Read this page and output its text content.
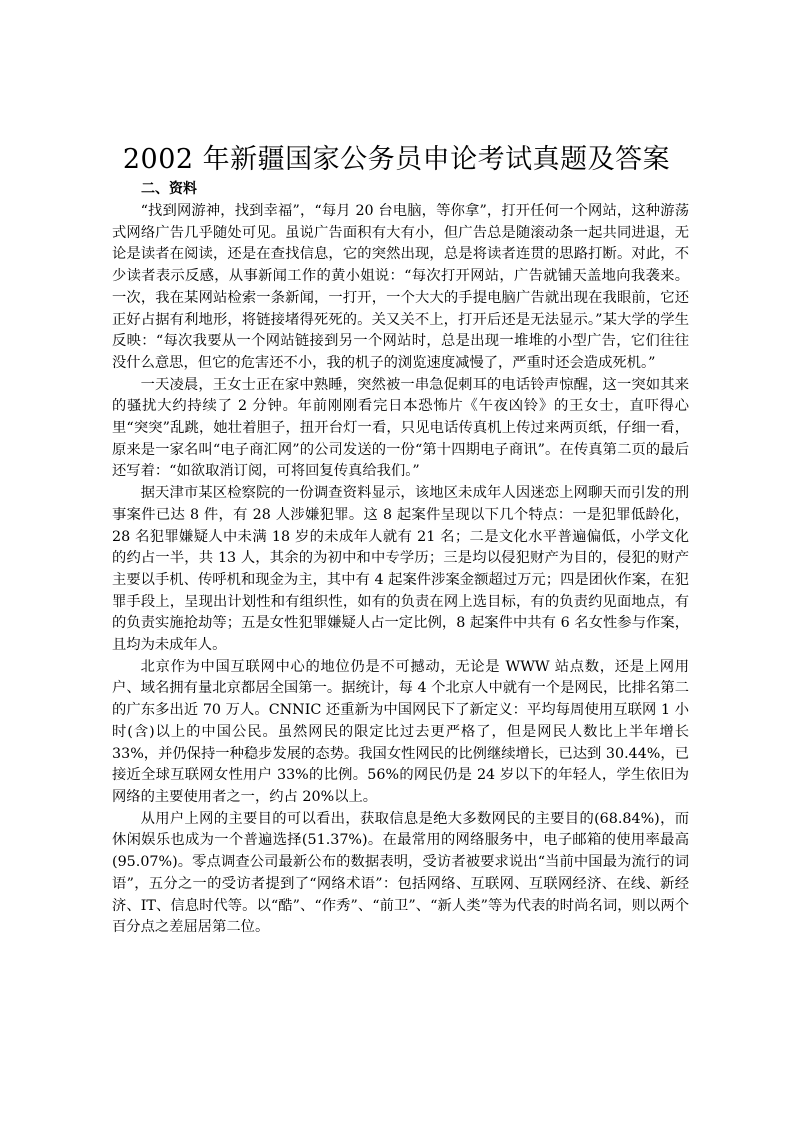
2002 年新疆国家公务员申论考试真题及答案
二、资料

“找到网游神，找到幸福”，“每月 20 台电脑，等你拿”，打开任何一个网站，这种游荡式网络广告几乎随处可见。虽说广告面积有大有小，但广告总是随滚动条一起共同进退，无论是读者在阅读，还是在查找信息，它的突然出现，总是将读者连贯的思路打断。对此，不少读者表示反感，从事新闻工作的黄小姐说：“每次打开网站，广告就铺天盖地向我袭来。一次，我在某网站检索一条新闻，一打开，一个大大的手提电脑广告就出现在我眼前，它还正好占据有利地形，将链接堵得死死的。关又关不上，打开后还是无法显示。”某大学的学生反映：“每次我要从一个网站链接到另一个网站时，总是出现一堆堆的小型广告，它们往往没什么意思，但它的危害还不小，我的机子的浏览速度减慢了，严重时还会造成死机。”

一天凌晨，王女士正在家中熟睡，突然被一串急促刺耳的电话铃声惊醒，这一突如其来的骚扰大约持续了 2 分钟。年前刚刚看完日本恐怖片《午夜凶铃》的王女士，直吓得心里“突突”乱跳，她壮着胆子，扭开台灯一看，只见电话传真机上传过来两页纸，仔细一看，原来是一家名叫“电子商汇网”的公司发送的一份“第十四期电子商讯”。在传真第二页的最后还写着：“如欲取消订阅，可将回复传真给我们。”

据天津市某区检察院的一份调查资料显示，该地区未成年人因迷恋上网聊天而引发的刑事案件已达 8 件，有 28 人涉嫌犯罪。这 8 起案件呈现以下几个特点：一是犯罪低龄化，28 名犯罪嫌疑人中未满 18 岁的未成年人就有 21 名；二是文化水平普遍偏低，小学文化的约占一半，共 13 人，其余的为初中和中专学历；三是均以侵犯财产为目的，侵犯的财产主要以手机、传呼机和现金为主，其中有 4 起案件涉案金额超过万元；四是团伙作案，在犯罪手段上，呈现出计划性和有组织性，如有的负责在网上选目标，有的负责约见面地点，有的负责实施抢劫等；五是女性犯罪嫌疑人占一定比例，8 起案件中共有 6 名女性参与作案，且均为未成年人。

北京作为中国互联网中心的地位仍是不可撼动，无论是 WWW 站点数，还是上网用户、域名拥有量北京都居全国第一。据统计，每 4 个北京人中就有一个是网民，比排名第二的广东多出近 70 万人。CNNIC 还重新为中国网民下了新定义：平均每周使用互联网 1 小时(含)以上的中国公民。虽然网民的限定比过去更严格了，但是网民人数比上半年增长 33%，并仍保持一种稳步发展的态势。我国女性网民的比例继续增长，已达到 30.44%，已接近全球互联网女性用户 33%的比例。56%的网民仍是 24 岁以下的年轻人，学生依旧为网络的主要使用者之一，约占 20%以上。

从用户上网的主要目的可以看出，获取信息是绝大多数网民的主要目的(68.84%)，而休闲娱乐也成为一个普遍选择(51.37%)。在最常用的网络服务中，电子邮箱的使用率最高(95.07%)。零点调查公司最新公布的数据表明，受访者被要求说出“当前中国最为流行的词语”，五分之一的受访者提到了“网络术语”：包括网络、互联网、互联网经济、在线、新经济、IT、信息时代等。以“酷”、“作秀”、“前卫”、“新人类”等为代表的时尚名词，则以两个百分点之差屈居第二位。
